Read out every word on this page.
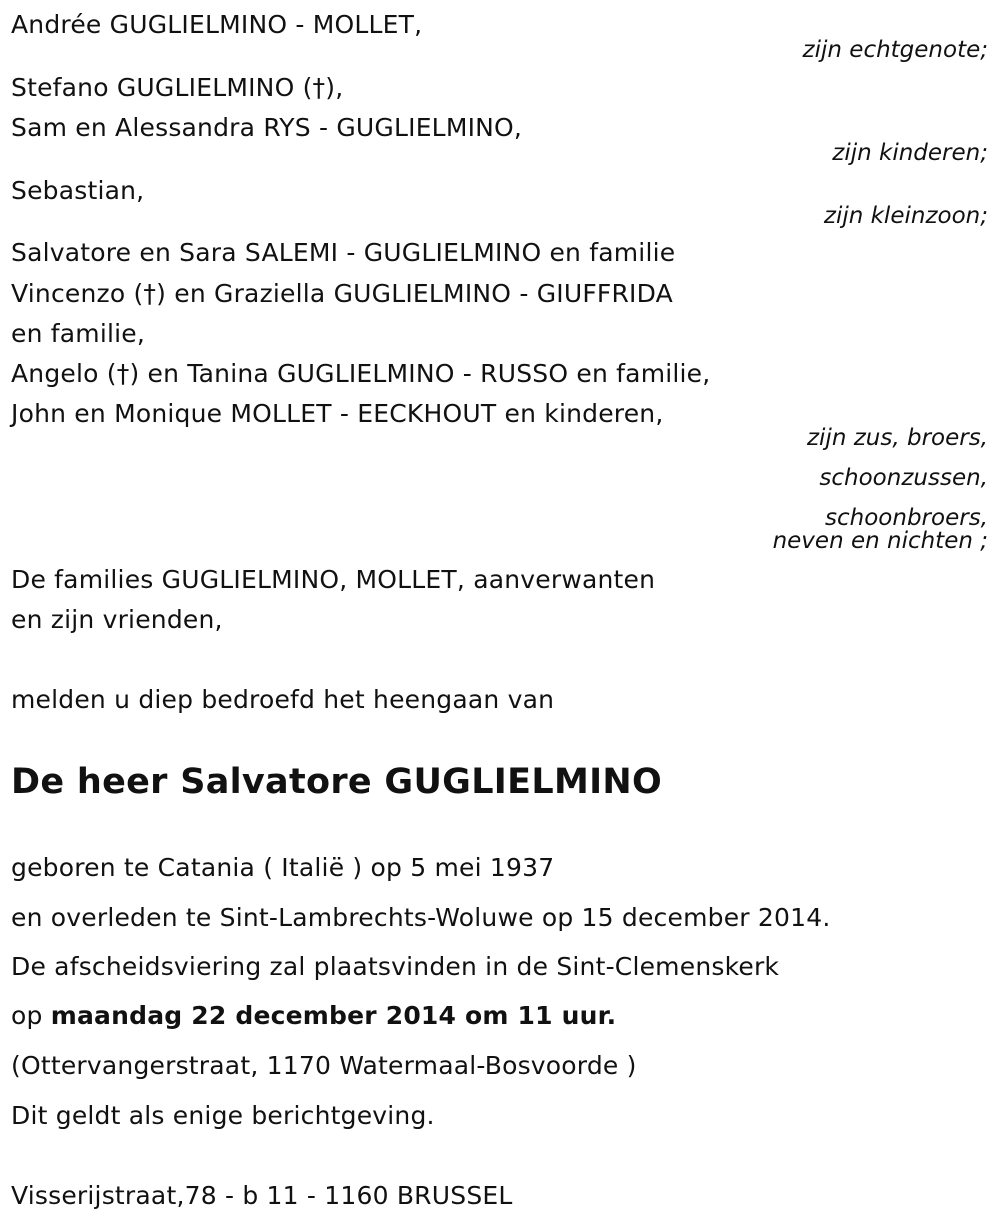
Andrée GUGLIELMINO - MOLLET,
zijn echtgenote;
Stefano GUGLIELMINO (†),
Sam en Alessandra RYS - GUGLIELMINO,
zijn kinderen;
Sebastian,
zijn kleinzoon;
Salvatore en Sara SALEMI - GUGLIELMINO en familie
Vincenzo (†) en Graziella GUGLIELMINO - GIUFFRIDA
en familie,
Angelo (†) en Tanina GUGLIELMINO - RUSSO en familie,
John en Monique MOLLET - EECKHOUT en kinderen,
zijn zus, broers,
schoonzussen,
schoonbroers,
neven en nichten ;
De families GUGLIELMINO, MOLLET, aanverwanten
en zijn vrienden,
melden u diep bedroefd het heengaan van
De heer Salvatore GUGLIELMINO
geboren te Catania ( Italië ) op 5 mei 1937
en overleden te Sint-Lambrechts-Woluwe op 15 december 2014.
De afscheidsviering zal plaatsvinden in de Sint-Clemenskerk
op maandag 22 december 2014 om 11 uur.
(Ottervangerstraat, 1170 Watermaal-Bosvoorde )
Dit geldt als enige berichtgeving.
Visserijstraat,78 - b 11 - 1160 BRUSSEL
